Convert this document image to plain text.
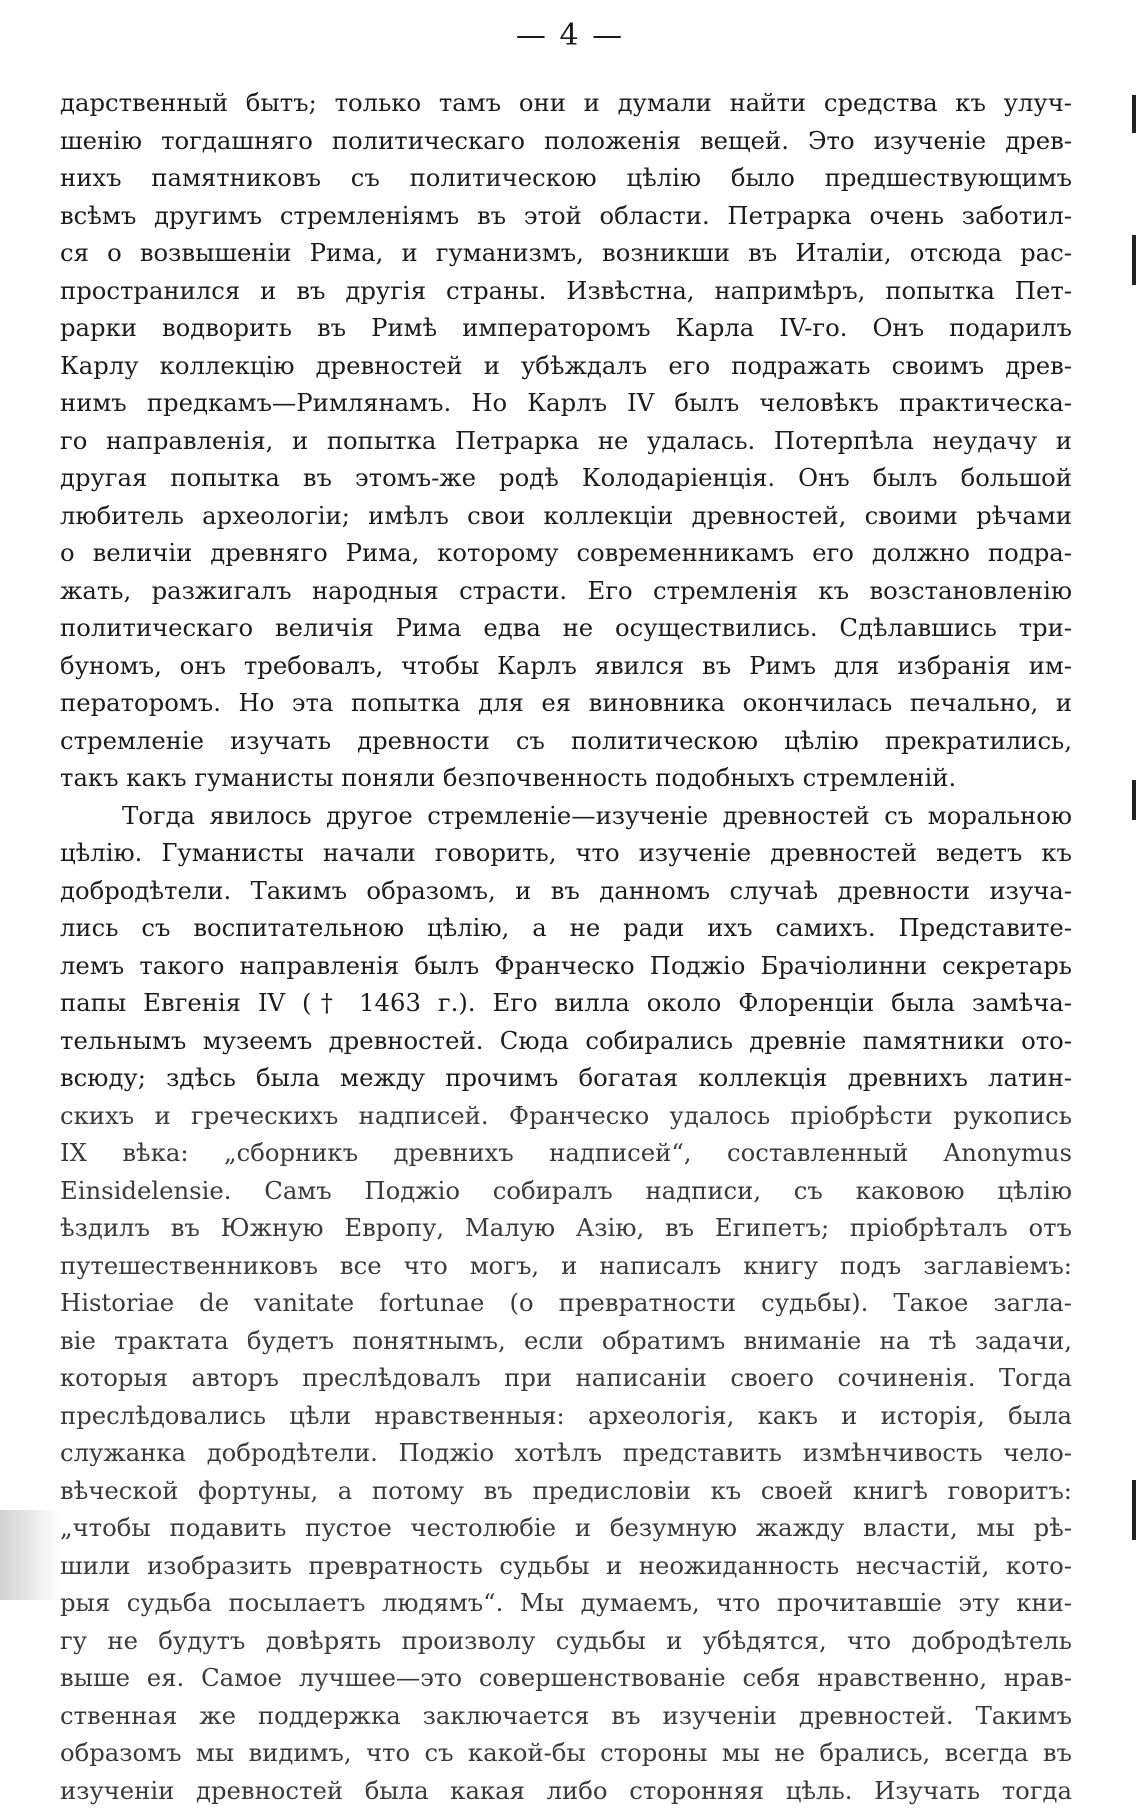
— 4 —
дарственный бытъ; только тамъ они и думали найти средства къ улуч-
шенію тогдашняго политическаго положенія вещей. Это изученіе древ-
нихъ памятниковъ съ политическою цѣлію было предшествующимъ
всѣмъ другимъ стремленіямъ въ этой области. Петрарка очень заботил-
ся о возвышеніи Рима, и гуманизмъ, возникши въ Италіи, отсюда рас-
пространился и въ другія страны. Извѣстна, напримѣръ, попытка Пет-
рарки водворить въ Римѣ императоромъ Карла IV-го. Онъ подарилъ
Карлу коллекцію древностей и убѣждалъ его подражать своимъ древ-
нимъ предкамъ—Римлянамъ. Но Карлъ IV былъ человѣкъ практическа-
го направленія, и попытка Петрарка не удалась. Потерпѣла неудачу и
другая попытка въ этомъ-же родѣ Колодаріенція. Онъ былъ большой
любитель археологіи; имѣлъ свои коллекціи древностей, своими рѣчами
о величіи древняго Рима, которому современникамъ его должно подра-
жать, разжигалъ народныя страсти. Его стремленія къ возстановленію
политическаго величія Рима едва не осуществились. Сдѣлавшись три-
буномъ, онъ требовалъ, чтобы Карлъ явился въ Римъ для избранія им-
ператоромъ. Но эта попытка для ея виновника окончилась печально, и
стремленіе изучать древности съ политическою цѣлію прекратились,
такъ какъ гуманисты поняли безпочвенность подобныхъ стремленій.
Тогда явилось другое стремленіе—изученіе древностей съ моральною
цѣлію. Гуманисты начали говорить, что изученіе древностей ведетъ къ
добродѣтели. Такимъ образомъ, и въ данномъ случаѣ древности изуча-
лись съ воспитательною цѣлію, а не ради ихъ самихъ. Представите-
лемъ такого направленія былъ Франческо Поджіо Брачіолинни секретарь
папы Евгенія IV († 1463 г.). Его вилла около Флоренціи была замѣча-
тельнымъ музеемъ древностей. Сюда собирались древніе памятники ото-
всюду; здѣсь была между прочимъ богатая коллекція древнихъ латин-
скихъ и греческихъ надписей. Франческо удалось пріобрѣсти рукопись
IX вѣка: „сборникъ древнихъ надписей“, составленный Anonymus
Einsidelensie. Самъ Поджіо собиралъ надписи, съ каковою цѣлію
ѣздилъ въ Южную Европу, Малую Азію, въ Египетъ; пріобрѣталъ отъ
путешественниковъ все что могъ, и написалъ книгу подъ заглавіемъ:
Historiae de vanitate fortunae (о превратности судьбы). Такое загла-
віе трактата будетъ понятнымъ, если обратимъ вниманіе на тѣ задачи,
которыя авторъ преслѣдовалъ при написаніи своего сочиненія. Тогда
преслѣдовались цѣли нравственныя: археологія, какъ и исторія, была
служанка добродѣтели. Поджіо хотѣлъ представить измѣнчивость чело-
вѣческой фортуны, а потому въ предисловіи къ своей книгѣ говоритъ:
„чтобы подавить пустое честолюбіе и безумную жажду власти, мы рѣ-
шили изобразить превратность судьбы и неожиданность несчастій, кото-
рыя судьба посылаетъ людямъ“. Мы думаемъ, что прочитавшіе эту кни-
гу не будутъ довѣрять произволу судьбы и убѣдятся, что добродѣтель
выше ея. Самое лучшее—это совершенствованіе себя нравственно, нрав-
ственная же поддержка заключается въ изученіи древностей. Такимъ
образомъ мы видимъ, что съ какой-бы стороны мы не брались, всегда въ
изученіи древностей была какая либо сторонняя цѣль. Изучать тогда
